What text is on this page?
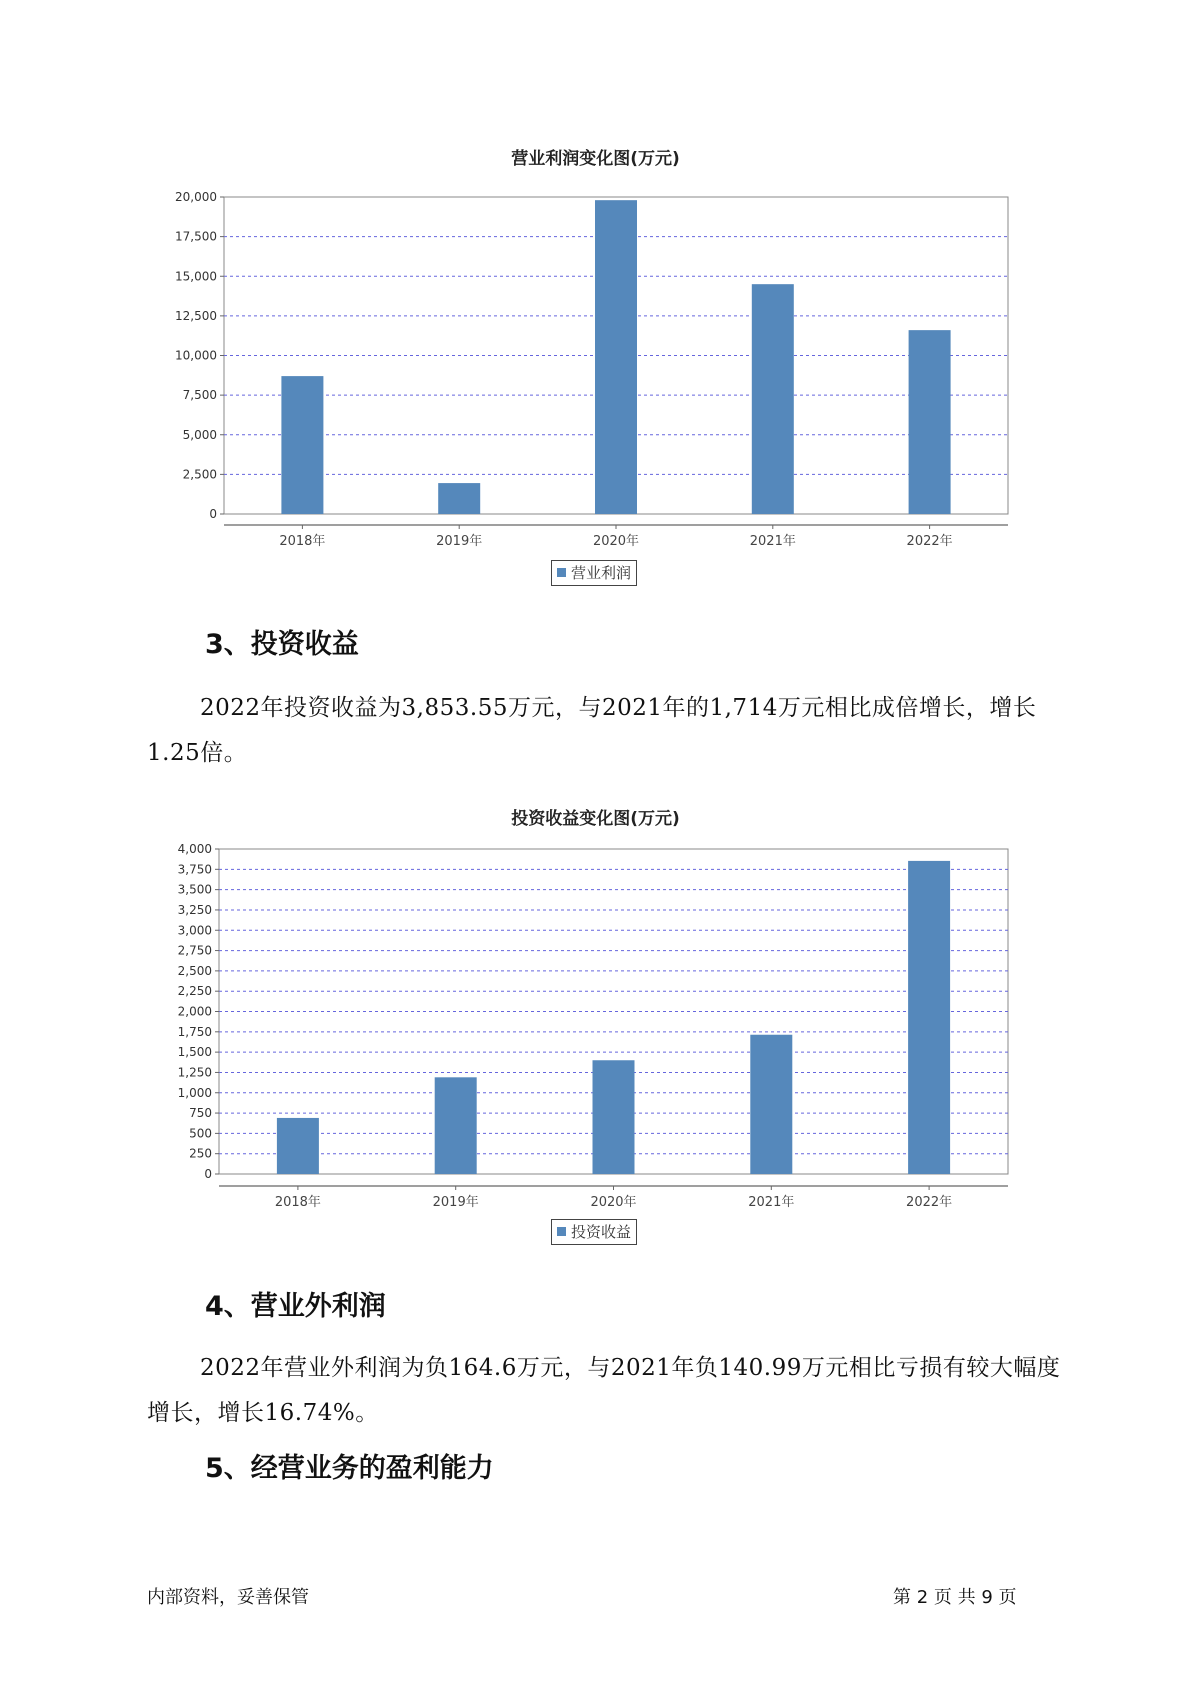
营业利润变化图(万元)
0
2,500
5,000
7,500
10,000
12,500
15,000
17,500
20,000
2018年	2019年	2020年	2021年	2022年
营业利润
3、投资收益
2022年投资收益为3,853.55万元，与2021年的1,714万元相比成倍增长，增长1.25倍。
投资收益变化图(万元)
0
250
500
750
1,000
1,250
1,500
1,750
2,000
2,250
2,500
2,750
3,000
3,250
3,500
3,750
4,000
2018年	2019年	2020年	2021年	2022年
投资收益
4、营业外利润
2022年营业外利润为负164.6万元，与2021年负140.99万元相比亏损有较大幅度增长，增长16.74%。
5、经营业务的盈利能力
内部资料，妥善保管	第 2 页 共 9 页
